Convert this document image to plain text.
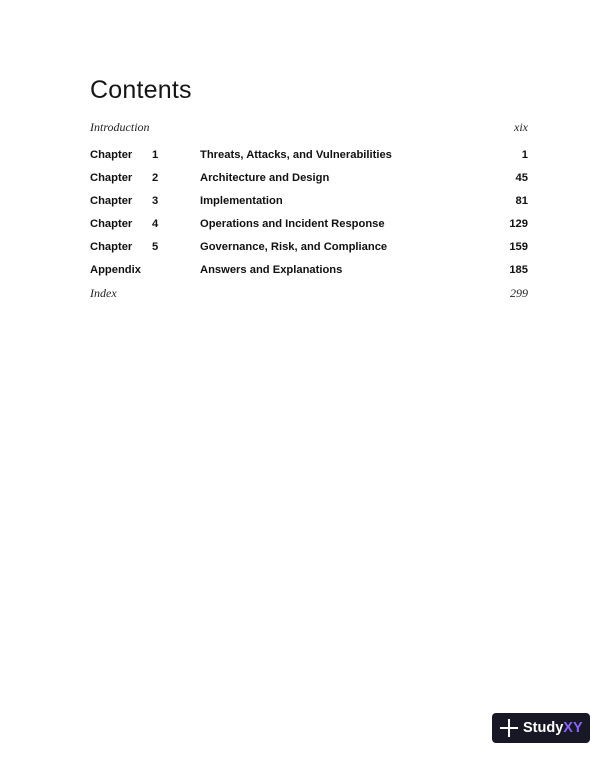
Contents
Introduction	xix
Chapter 1	Threats, Attacks, and Vulnerabilities	1
Chapter 2	Architecture and Design	45
Chapter 3	Implementation	81
Chapter 4	Operations and Incident Response	129
Chapter 5	Governance, Risk, and Compliance	159
Appendix	Answers and Explanations	185
Index	299
StudyXY
